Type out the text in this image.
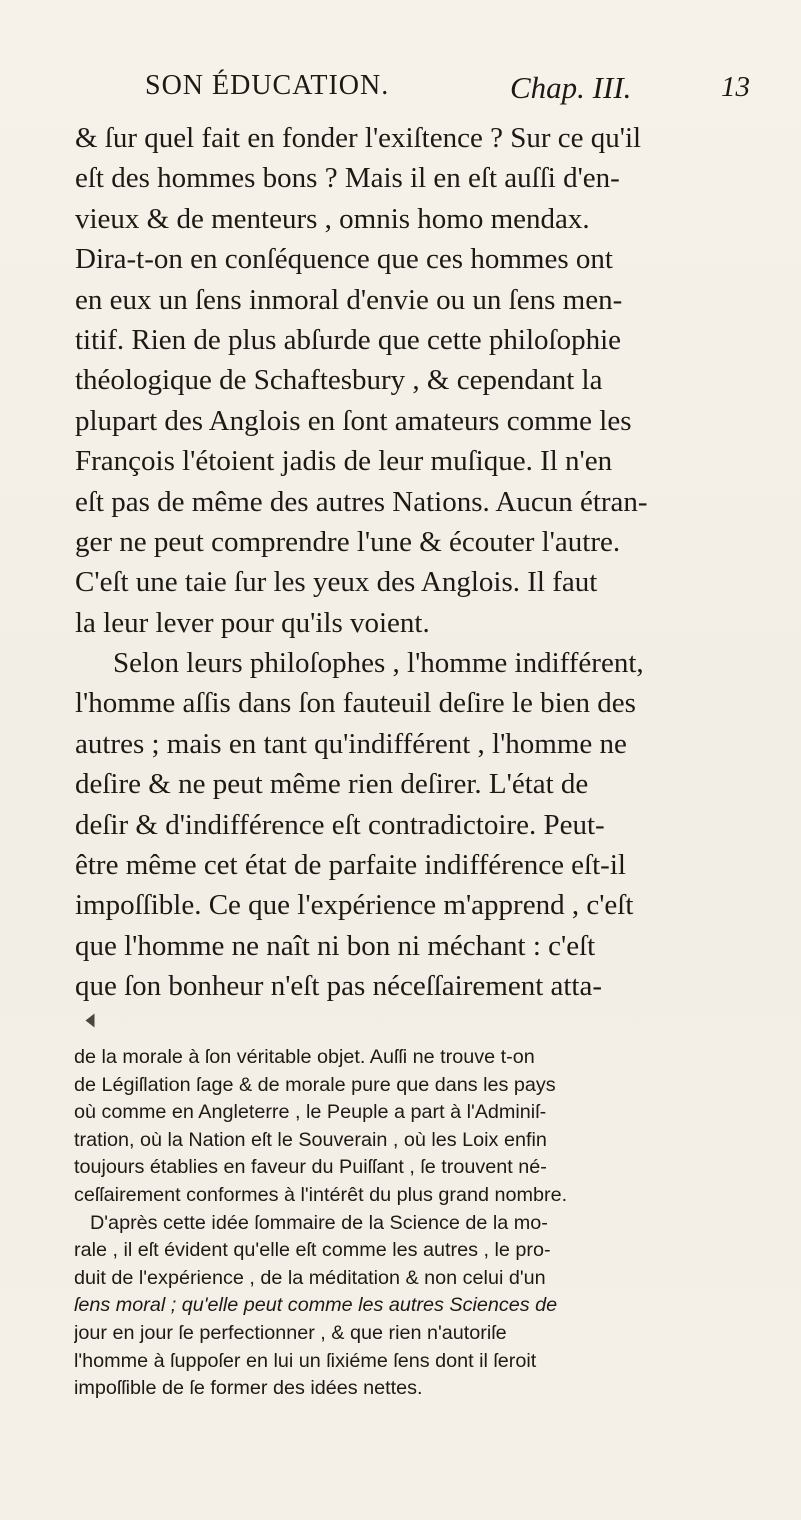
SON ÉDUCATION.	Chap. III.	13
& ſur quel fait en fonder l'exiſtence ? Sur ce qu'il
eſt des hommes bons ? Mais il en eſt auſſi d'en-
vieux & de menteurs , omnis homo mendax.
Dira-t-on en conſéquence que ces hommes ont
en eux un ſens inmoral d'envie ou un ſens men-
titif. Rien de plus abſurde que cette philoſophie
théologique de Schaftesbury , & cependant la
plupart des Anglois en ſont amateurs comme les
François l'étoient jadis de leur muſique. Il n'en
eſt pas de même des autres Nations. Aucun étran-
ger ne peut comprendre l'une & écouter l'autre.
C'eſt une taie ſur les yeux des Anglois. Il faut
la leur lever pour qu'ils voient.
Selon leurs philoſophes , l'homme indifférent,
l'homme aſſis dans ſon fauteuil deſire le bien des
autres ; mais en tant qu'indifférent , l'homme ne
deſire & ne peut même rien deſirer. L'état de
deſir & d'indifférence eſt contradictoire. Peut-
être même cet état de parfaite indifférence eſt-il
impoſſible. Ce que l'expérience m'apprend , c'eſt
que l'homme ne naît ni bon ni méchant : c'eſt
que ſon bonheur n'eſt pas néceſſairement atta-
de la morale à ſon véritable objet. Auſſi ne trouve t-on
de Légiſlation ſage & de morale pure que dans les pays
où comme en Angleterre , le Peuple a part à l'Adminiſ-
tration, où la Nation eſt le Souverain , où les Loix enfin
toujours établies en faveur du Puiſſant , ſe trouvent né-
ceſſairement conformes à l'intérêt du plus grand nombre.
D'après cette idée ſommaire de la Science de la mo-
rale , il eſt évident qu'elle eſt comme les autres , le pro-
duit de l'expérience , de la méditation & non celui d'un
ſens moral ; qu'elle peut comme les autres Sciences de
jour en jour ſe perfectionner , & que rien n'autoriſe
l'homme à ſuppoſer en lui un ſixiéme ſens dont il ſeroit
impoſſible de ſe former des idées nettes.
